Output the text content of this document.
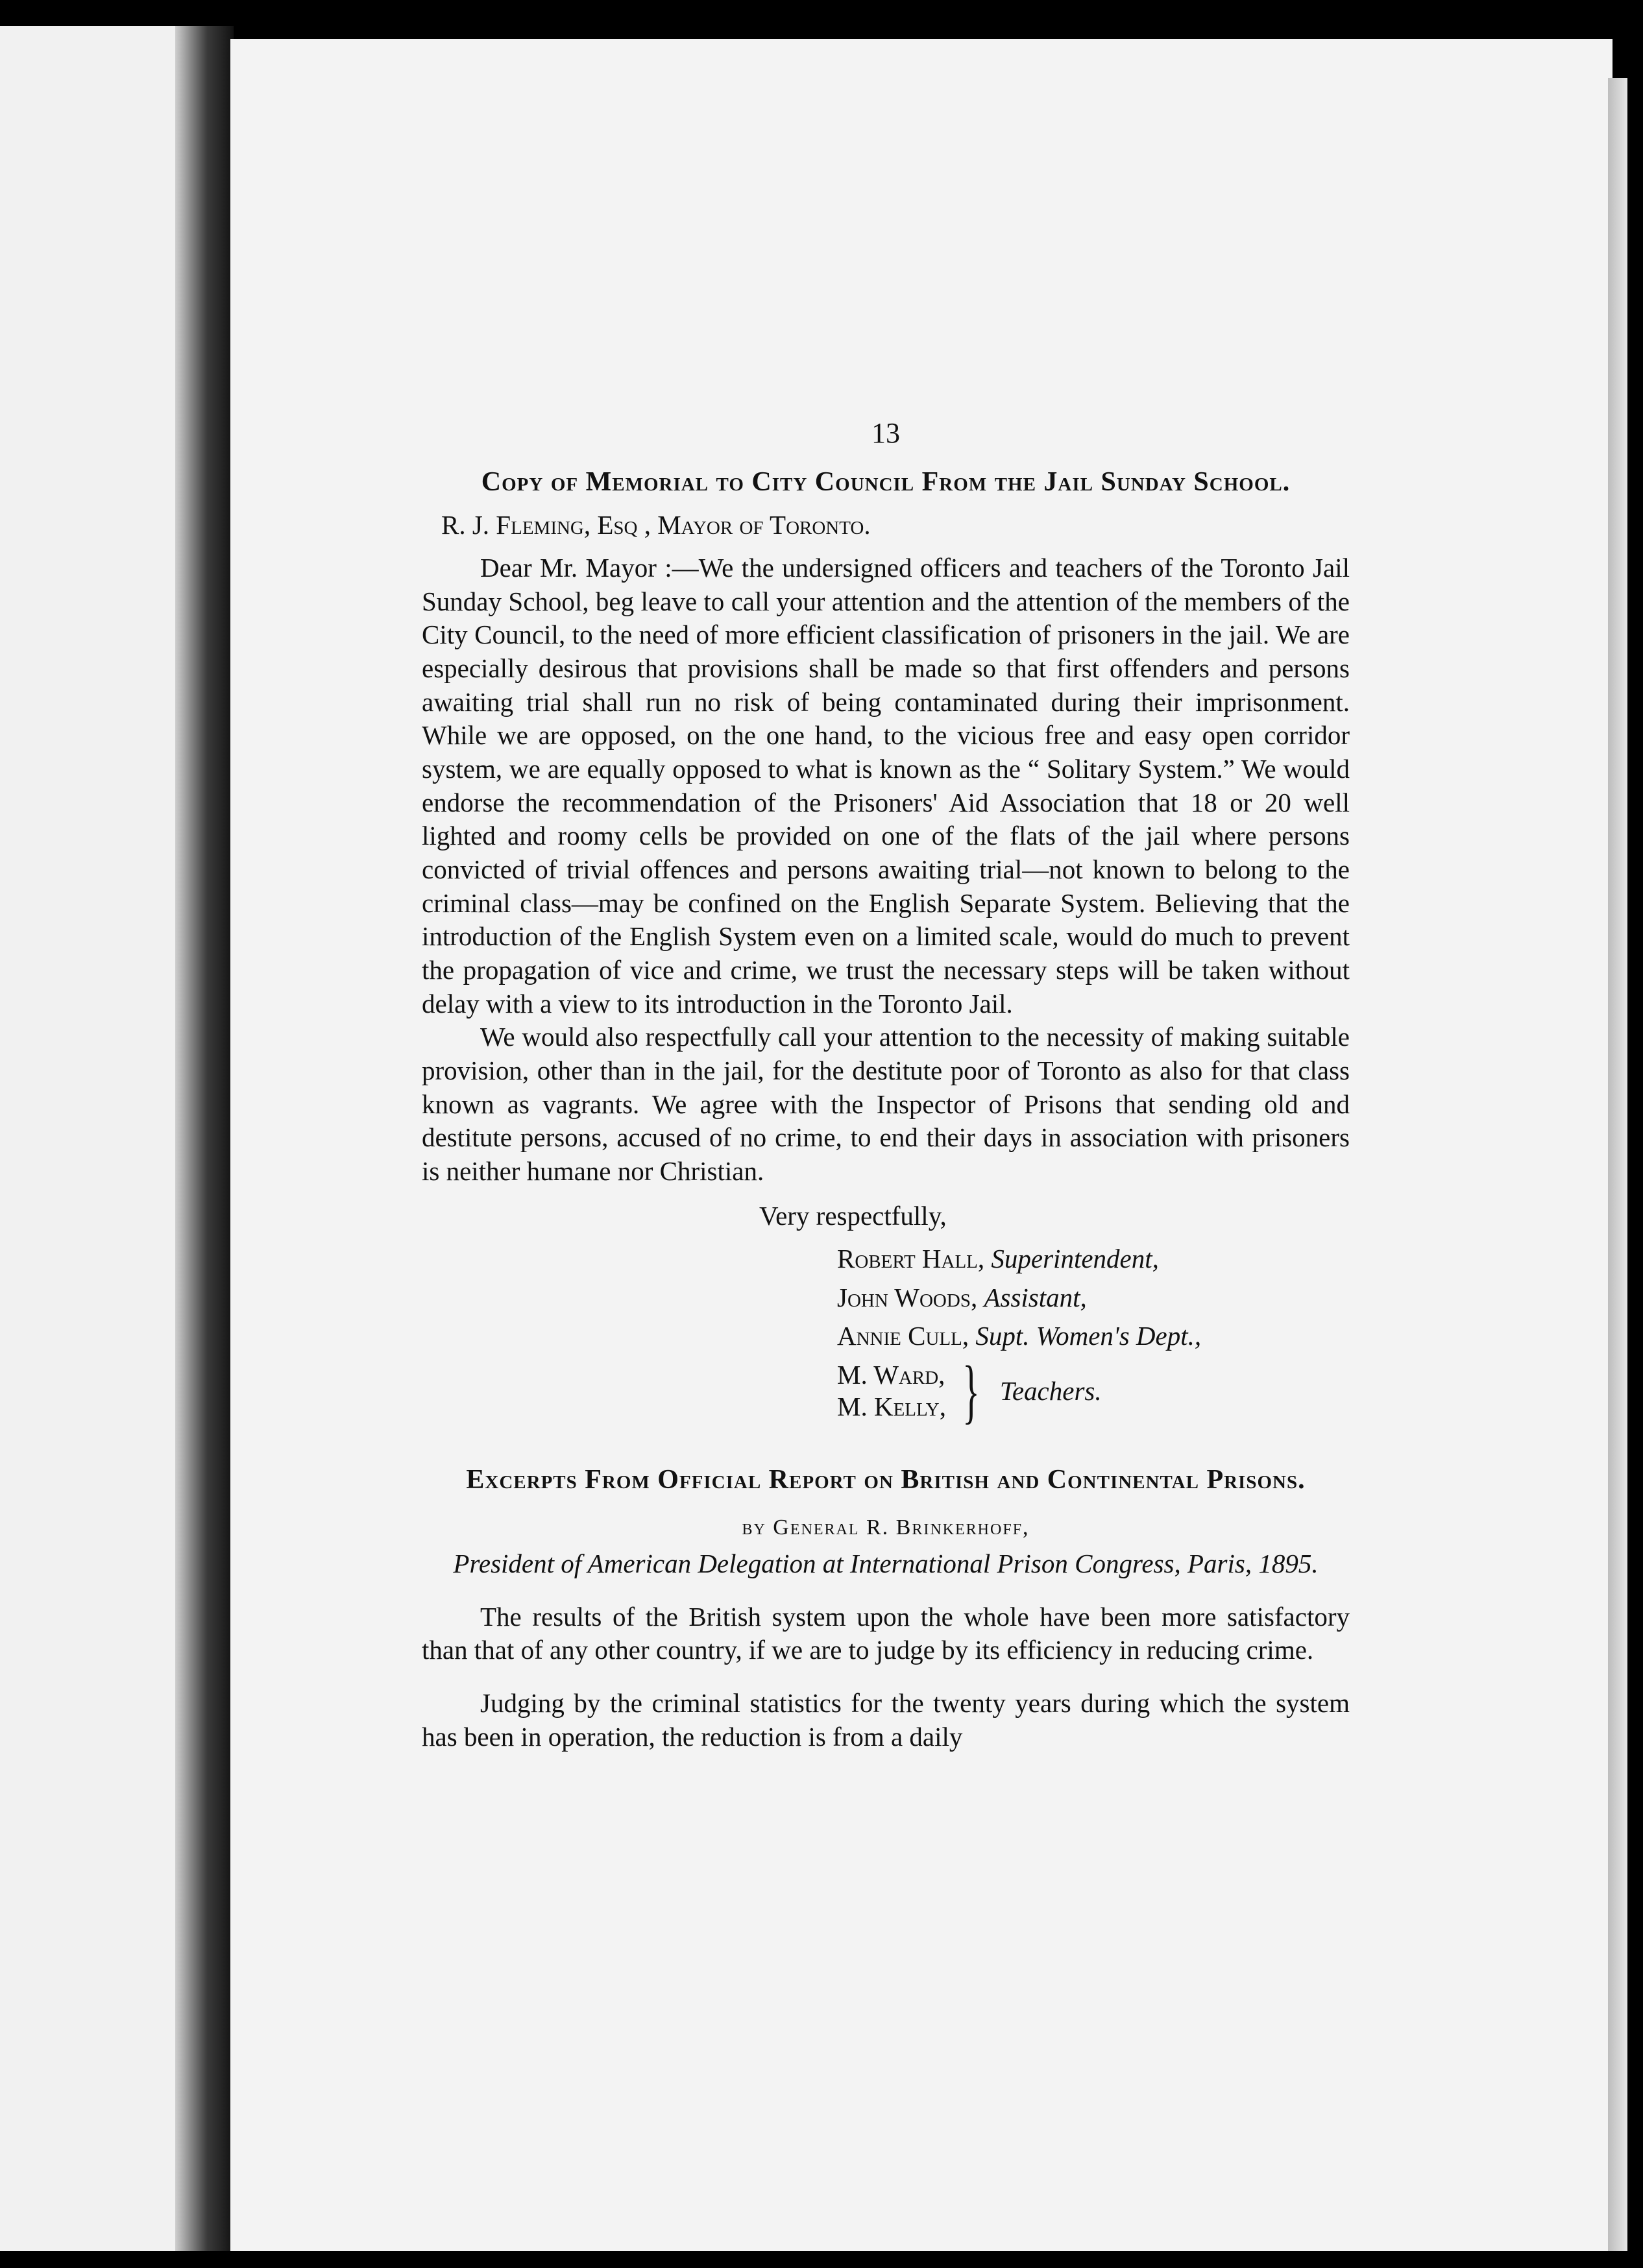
13
Copy of Memorial to City Council From the Jail Sunday School.
R. J. Fleming, Esq , Mayor of Toronto.

Dear Mr. Mayor :—We the undersigned officers and teachers of the Toronto Jail Sunday School, beg leave to call your attention and the attention of the members of the City Council, to the need of more efficient classification of prisoners in the jail. We are especially desirous that provisions shall be made so that first offenders and persons awaiting trial shall run no risk of being contaminated during their imprisonment. While we are opposed, on the one hand, to the vicious free and easy open corridor system, we are equally opposed to what is known as the “ Solitary System.” We would endorse the recommendation of the Prisoners' Aid Association that 18 or 20 well lighted and roomy cells be provided on one of the flats of the jail where persons convicted of trivial offences and persons awaiting trial—not known to belong to the criminal class—may be confined on the English Separate System. Believing that the introduction of the English System even on a limited scale, would do much to prevent the propagation of vice and crime, we trust the necessary steps will be taken without delay with a view to its introduction in the Toronto Jail.

We would also respectfully call your attention to the necessity of making suitable provision, other than in the jail, for the destitute poor of Toronto as also for that class known as vagrants. We agree with the Inspector of Prisons that sending old and destitute persons, accused of no crime, to end their days in association with prisoners is neither humane nor Christian.

Very respectfully,
Robert Hall, Superintendent,
John Woods, Assistant,
Annie Cull, Supt. Women's Dept.,
M. Ward,
M. Kelly, } Teachers.
Excerpts From Official Report on British and Continental Prisons.
by General R. Brinkerhoff,
President of American Delegation at International Prison Congress, Paris, 1895.

The results of the British system upon the whole have been more satisfactory than that of any other country, if we are to judge by its efficiency in reducing crime.

Judging by the criminal statistics for the twenty years during which the system has been in operation, the reduction is from a daily
